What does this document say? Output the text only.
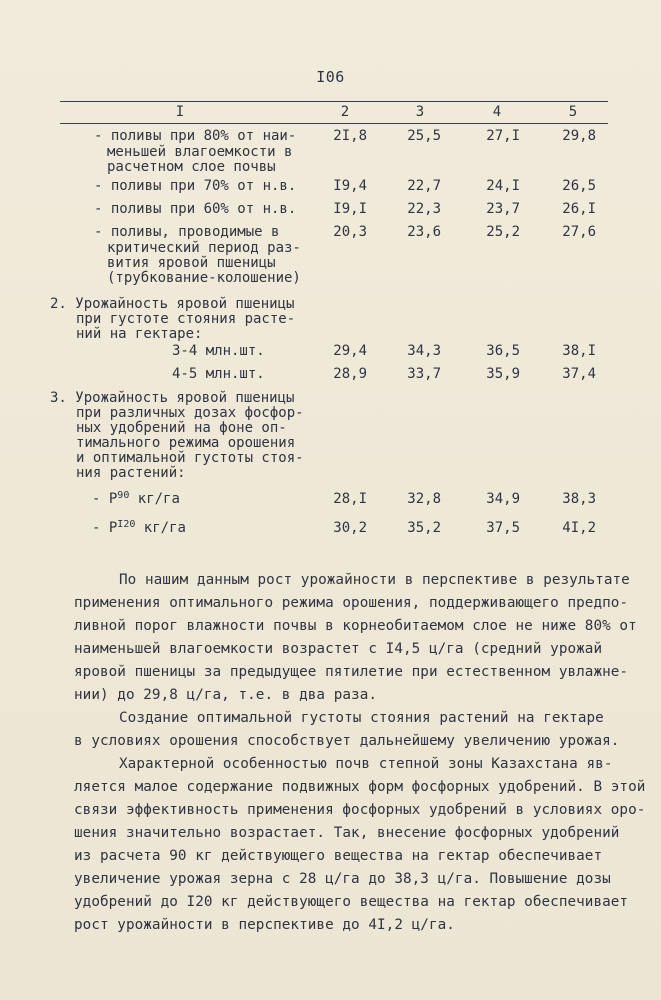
I06
I	2	3	4	5
- поливы при 80% от наи-
меньшей влагоемкости в
расчетном слое почвы
2I,8	25,5	27,I	29,8
- поливы при 70% от н.в.	I9,4	22,7	24,I	26,5
- поливы при 60% от н.в.	I9,I	22,3	23,7	26,I
- поливы, проводимые в
критический период раз-
вития яровой пшеницы
(трубкование-колошение)
20,3	23,6	25,2	27,6
2. Урожайность яровой пшеницы
при густоте стояния расте-
ний на гектаре:
3-4 млн.шт.	29,4	34,3	36,5	38,I
4-5 млн.шт.	28,9	33,7	35,9	37,4
3. Урожайность яровой пшеницы
при различных дозах фосфор-
ных удобрений на фоне оп-
тимального режима орошения
и оптимальной густоты стоя-
ния растений:
- $P^{90}$ кг/га	28,I	32,8	34,9	38,3
- $P^{I20}$ кг/га	30,2	35,2	37,5	4I,2
По нашим данным рост урожайности в перспективе в результате
применения оптимального режима орошения, поддерживающего предпо-
ливной порог влажности почвы в корнеобитаемом слое не ниже 80% от
наименьшей влагоемкости возрастет с I4,5 ц/га (средний урожай
яровой пшеницы за предыдущее пятилетие при естественном увлажне-
нии) до 29,8 ц/га, т.е. в два раза.
Создание оптимальной густоты стояния растений на гектаре
в условиях орошения способствует дальнейшему увеличению урожая.
Характерной особенностью почв степной зоны Казахстана яв-
ляется малое содержание подвижных форм фосфорных удобрений. В этой
связи эффективность применения фосфорных удобрений в условиях оро-
шения значительно возрастает. Так, внесение фосфорных удобрений
из расчета 90 кг действующего вещества на гектар обеспечивает
увеличение урожая зерна с 28 ц/га до 38,3 ц/га. Повышение дозы
удобрений до I20 кг действующего вещества на гектар обеспечивает
рост урожайности в перспективе до 4I,2 ц/га.
